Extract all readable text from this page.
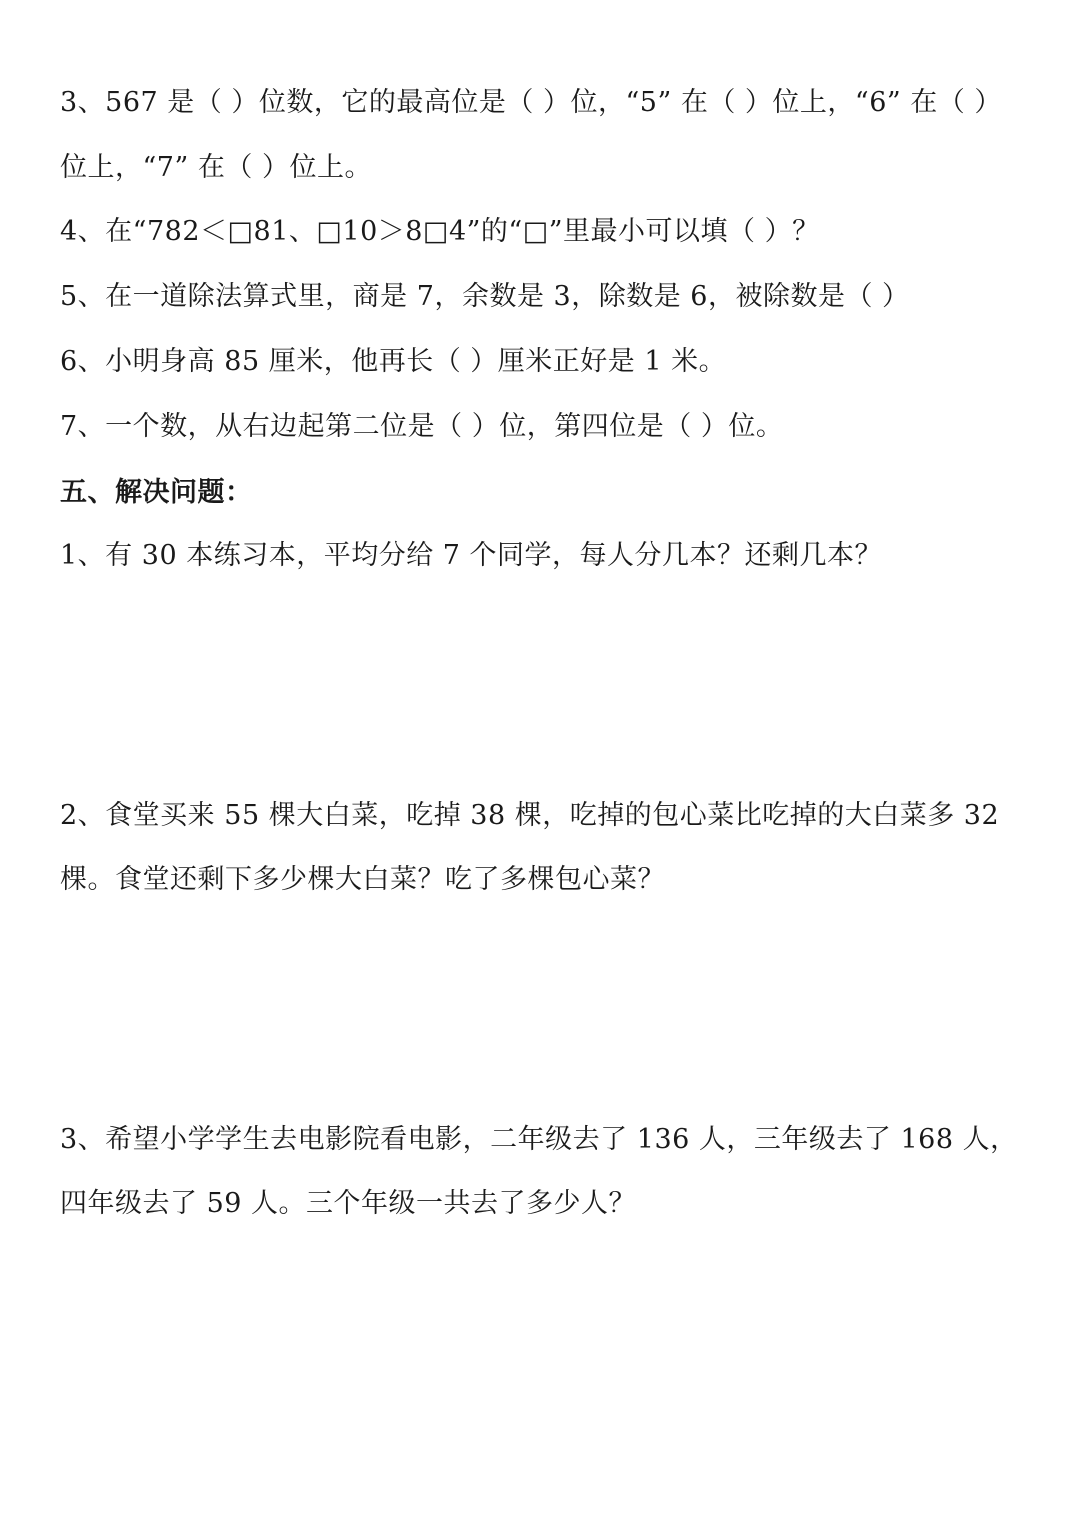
3、567 是（ ）位数，它的最高位是（ ）位，“5” 在（ ）位上，“6” 在（ ）
位上，“7” 在（ ）位上。
4、在“782＜□81、□10＞8□4”的“□”里最小可以填（ ）？
5、在一道除法算式里，商是 7，余数是 3，除数是 6，被除数是（ ）
6、小明身高 85 厘米，他再长（ ）厘米正好是 1 米。
7、一个数，从右边起第二位是（ ）位，第四位是（ ）位。
五、解决问题：
1、有 30 本练习本，平均分给 7 个同学，每人分几本？还剩几本？
2、食堂买来 55 棵大白菜，吃掉 38 棵，吃掉的包心菜比吃掉的大白菜多 32
棵。食堂还剩下多少棵大白菜？吃了多棵包心菜？
3、希望小学学生去电影院看电影，二年级去了 136 人，三年级去了 168 人，
四年级去了 59 人。三个年级一共去了多少人？
